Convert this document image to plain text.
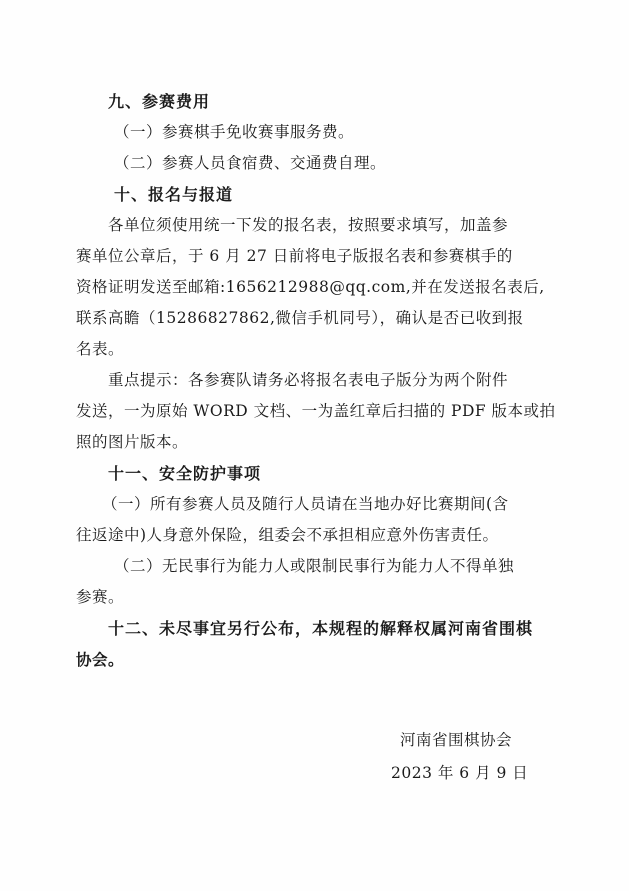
九、参赛费用

（一）参赛棋手免收赛事服务费。

（二）参赛人员食宿费、交通费自理。

十、报名与报道

各单位须使用统一下发的报名表，按照要求填写，加盖参

赛单位公章后，于 6 月 27 日前将电子版报名表和参赛棋手的

资格证明发送至邮箱:1656212988@qq.com,并在发送报名表后,

联系高瞻（15286827862,微信手机同号），确认是否已收到报

名表。

重点提示：各参赛队请务必将报名表电子版分为两个附件

发送，一为原始 WORD 文档、一为盖红章后扫描的 PDF 版本或拍

照的图片版本。

十一、安全防护事项

（一）所有参赛人员及随行人员请在当地办好比赛期间(含

往返途中)人身意外保险，组委会不承担相应意外伤害责任。

（二）无民事行为能力人或限制民事行为能力人不得单独

参赛。

十二、未尽事宜另行公布，本规程的解释权属河南省围棋

协会。

河南省围棋协会

2023 年 6 月 9 日
